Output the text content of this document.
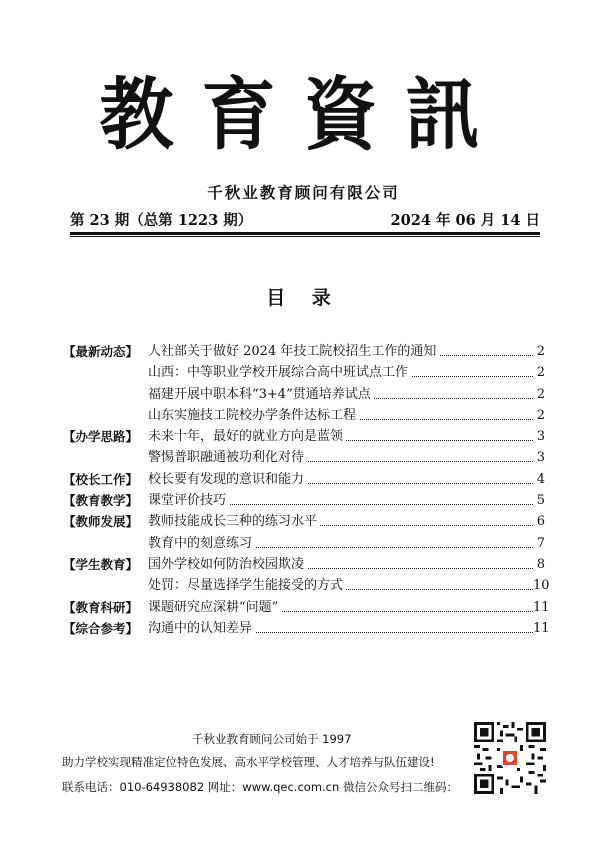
教育資訊
千秋业教育顾问有限公司
第 23 期（总第 1223 期）	2024 年 06 月 14 日
目 录
【最新动态】 人社部关于做好 2024 年技工院校招生工作的通知	2
山西：中等职业学校开展综合高中班试点工作	2
福建开展中职本科“3+4”贯通培养试点	2
山东实施技工院校办学条件达标工程	2
【办学思路】 未来十年，最好的就业方向是蓝领	3
警惕普职融通被功利化对待	3
【校长工作】 校长要有发现的意识和能力	4
【教育教学】 课堂评价技巧	5
【教师发展】 教师技能成长三种的练习水平	6
教育中的刻意练习	7
【学生教育】 国外学校如何防治校园欺凌	8
处罚：尽量选择学生能接受的方式	10
【教育科研】 课题研究应深耕“问题”	11
【综合参考】 沟通中的认知差异	11
千秋业教育顾问公司始于 1997
助力学校实现精准定位特色发展、高水平学校管理、人才培养与队伍建设!
联系电话：010-64938082 网址：www.qec.com.cn 微信公众号扫二维码：
